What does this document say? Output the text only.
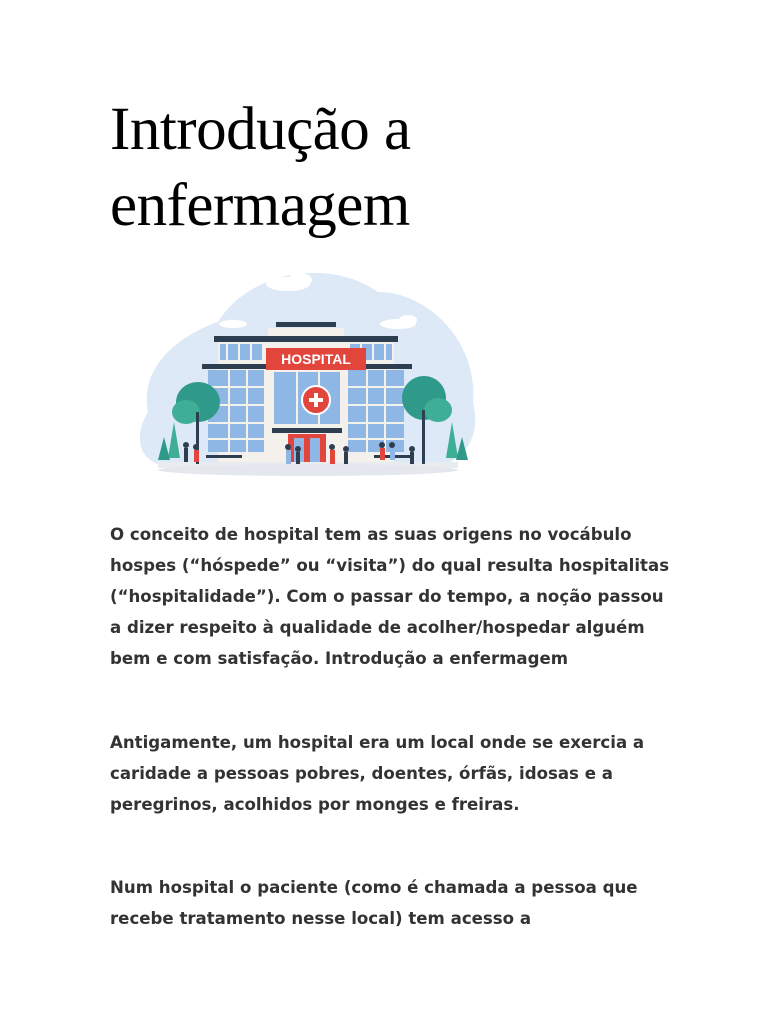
Introdução a
enfermagem
HOSPITAL

O conceito de hospital tem as suas origens no vocábulo hospes (“hóspede” ou “visita”) do qual resulta hospitalitas (“hospitalidade”). Com o passar do tempo, a noção passou a dizer respeito à qualidade de acolher/hospedar alguém bem e com satisfação. Introdução a enfermagem

Antigamente, um hospital era um local onde se exercia a caridade a pessoas pobres, doentes, órfãs, idosas e a peregrinos, acolhidos por monges e freiras.

Num hospital o paciente (como é chamada a pessoa que recebe tratamento nesse local) tem acesso a
